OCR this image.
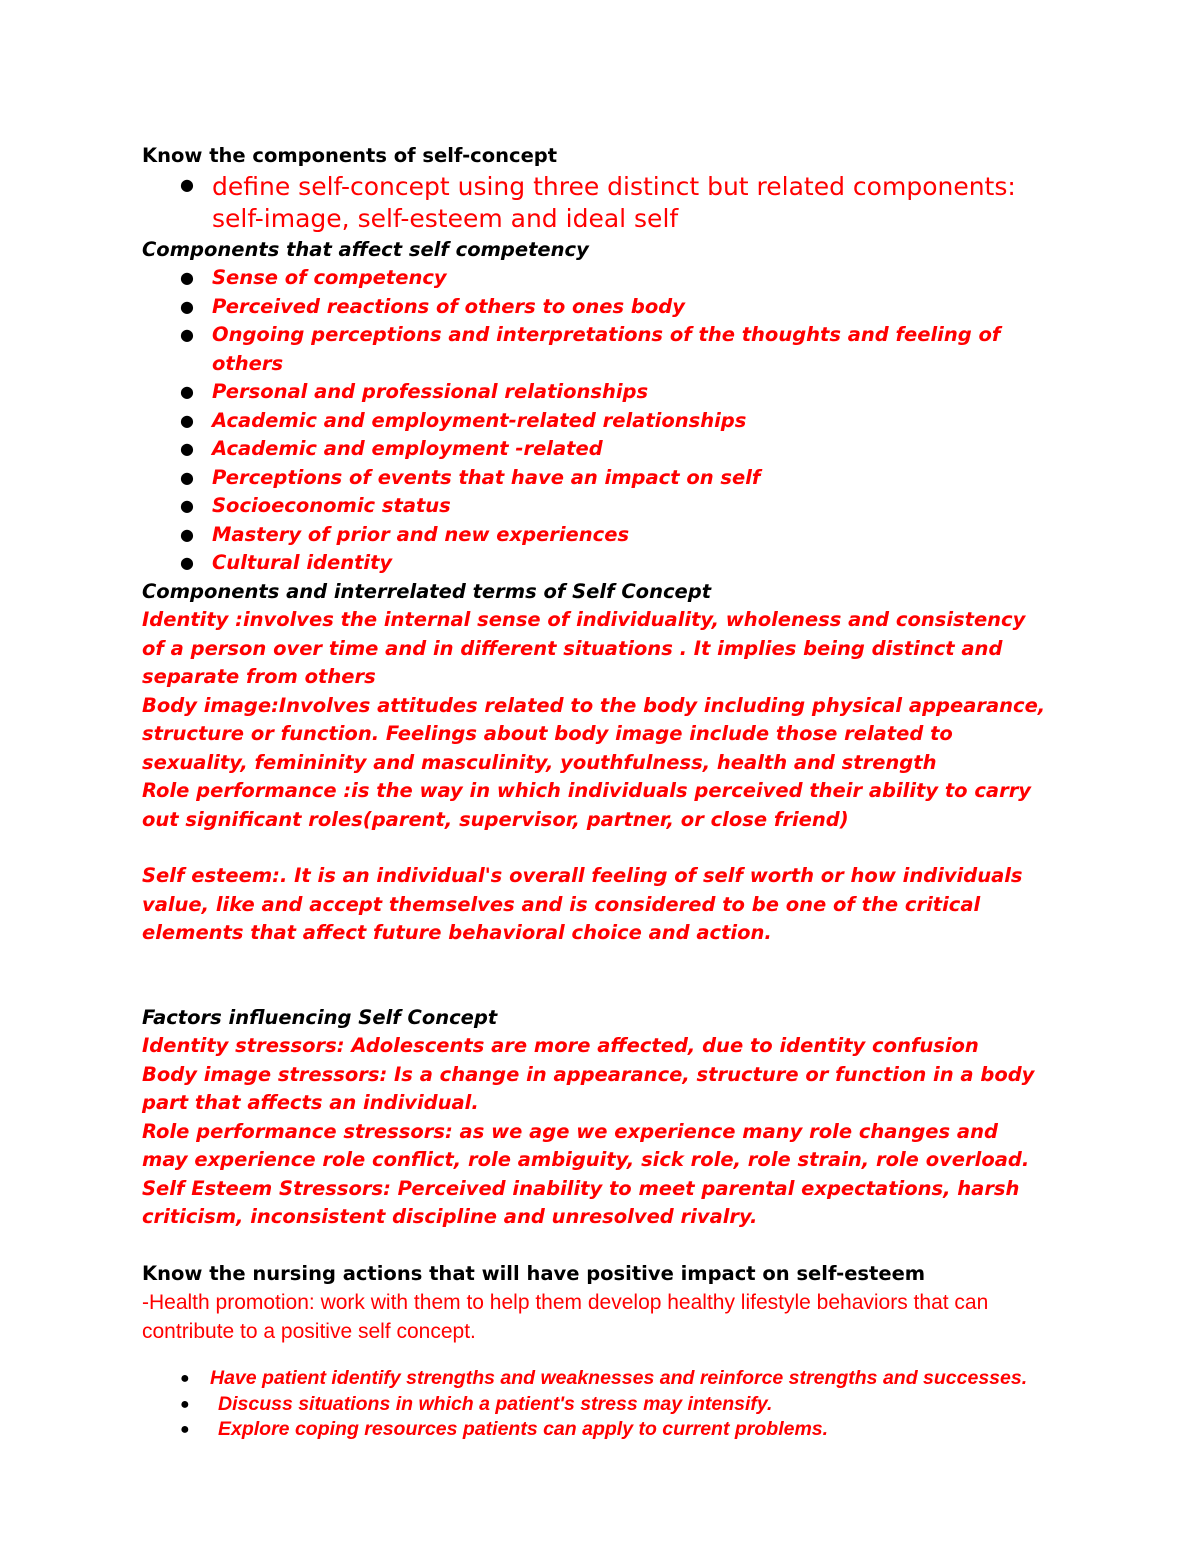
Know the components of self-concept

● define self-concept using three distinct but related components: self-image, self-esteem and ideal self

Components that affect self competency

● Sense of competency
● Perceived reactions of others to ones body
● Ongoing perceptions and interpretations of the thoughts and feeling of others
● Personal and professional relationships
● Academic and employment-related relationships
● Academic and employment -related
● Perceptions of events that have an impact on self
● Socioeconomic status
● Mastery of prior and new experiences
● Cultural identity

Components and interrelated terms of Self Concept

Identity :involves the internal sense of individuality, wholeness and consistency of a person over time and in different situations . It implies being distinct and separate from others

Body image:Involves attitudes related to the body including physical appearance, structure or function. Feelings about body image include those related to sexuality, femininity and masculinity, youthfulness, health and strength

Role performance :is the way in which individuals perceived their ability to carry out significant roles(parent, supervisor, partner, or close friend)

Self esteem:. It is an individual's overall feeling of self worth or how individuals value, like and accept themselves and is considered to be one of the critical elements that affect future behavioral choice and action.

Factors influencing Self Concept

Identity stressors: Adolescents are more affected, due to identity confusion

Body image stressors: Is a change in appearance, structure or function in a body part that affects an individual.

Role performance stressors: as we age we experience many role changes and may experience role conflict, role ambiguity, sick role, role strain, role overload.

Self Esteem Stressors: Perceived inability to meet parental expectations, harsh criticism, inconsistent discipline and unresolved rivalry.

Know the nursing actions that will have positive impact on self-esteem

-Health promotion: work with them to help them develop healthy lifestyle behaviors that can contribute to a positive self concept.

● Have patient identify strengths and weaknesses and reinforce strengths and successes.
● Discuss situations in which a patient's stress may intensify.
● Explore coping resources patients can apply to current problems.
